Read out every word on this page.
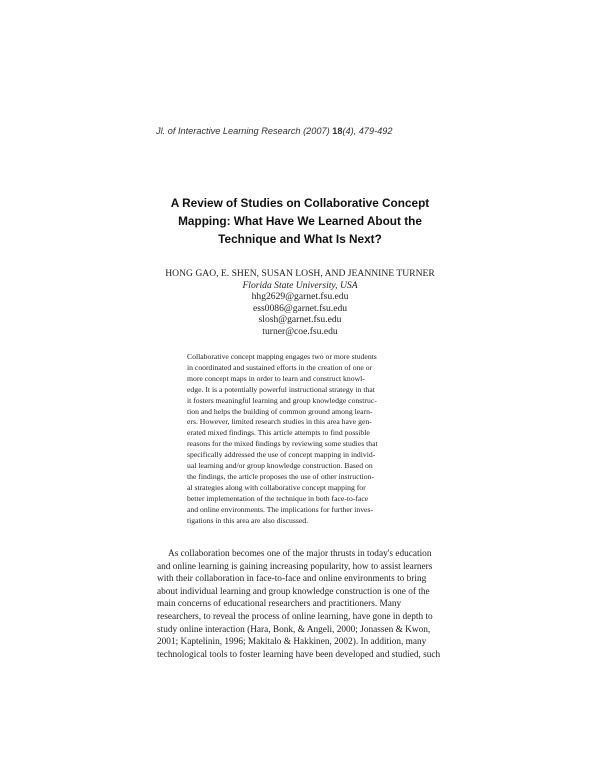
Jl. of Interactive Learning Research (2007) 18(4), 479-492
A Review of Studies on Collaborative Concept
Mapping: What Have We Learned About the
Technique and What Is Next?
HONG GAO, E. SHEN, SUSAN LOSH, AND JEANNINE TURNER
Florida State University, USA
hhg2629@garnet.fsu.edu
ess0086@garnet.fsu.edu
slosh@garnet.fsu.edu
turner@coe.fsu.edu
Collaborative concept mapping engages two or more students
in coordinated and sustained efforts in the creation of one or
more concept maps in order to learn and construct knowl-
edge. It is a potentially powerful instructional strategy in that
it fosters meaningful learning and group knowledge construc-
tion and helps the building of common ground among learn-
ers. However, limited research studies in this area have gen-
erated mixed findings. This article attempts to find possible
reasons for the mixed findings by reviewing some studies that
specifically addressed the use of concept mapping in individ-
ual learning and/or group knowledge construction. Based on
the findings, the article proposes the use of other instruction-
al strategies along with collaborative concept mapping for
better implementation of the technique in both face-to-face
and online environments. The implications for further inves-
tigations in this area are also discussed.
As collaboration becomes one of the major thrusts in today's education
and online learning is gaining increasing popularity, how to assist learners
with their collaboration in face-to-face and online environments to bring
about individual learning and group knowledge construction is one of the
main concerns of educational researchers and practitioners. Many
researchers, to reveal the process of online learning, have gone in depth to
study online interaction (Hara, Bonk, & Angeli, 2000; Jonassen & Kwon,
2001; Kaptelinin, 1996; Makitalo & Hakkinen, 2002). In addition, many
technological tools to foster learning have been developed and studied, such
